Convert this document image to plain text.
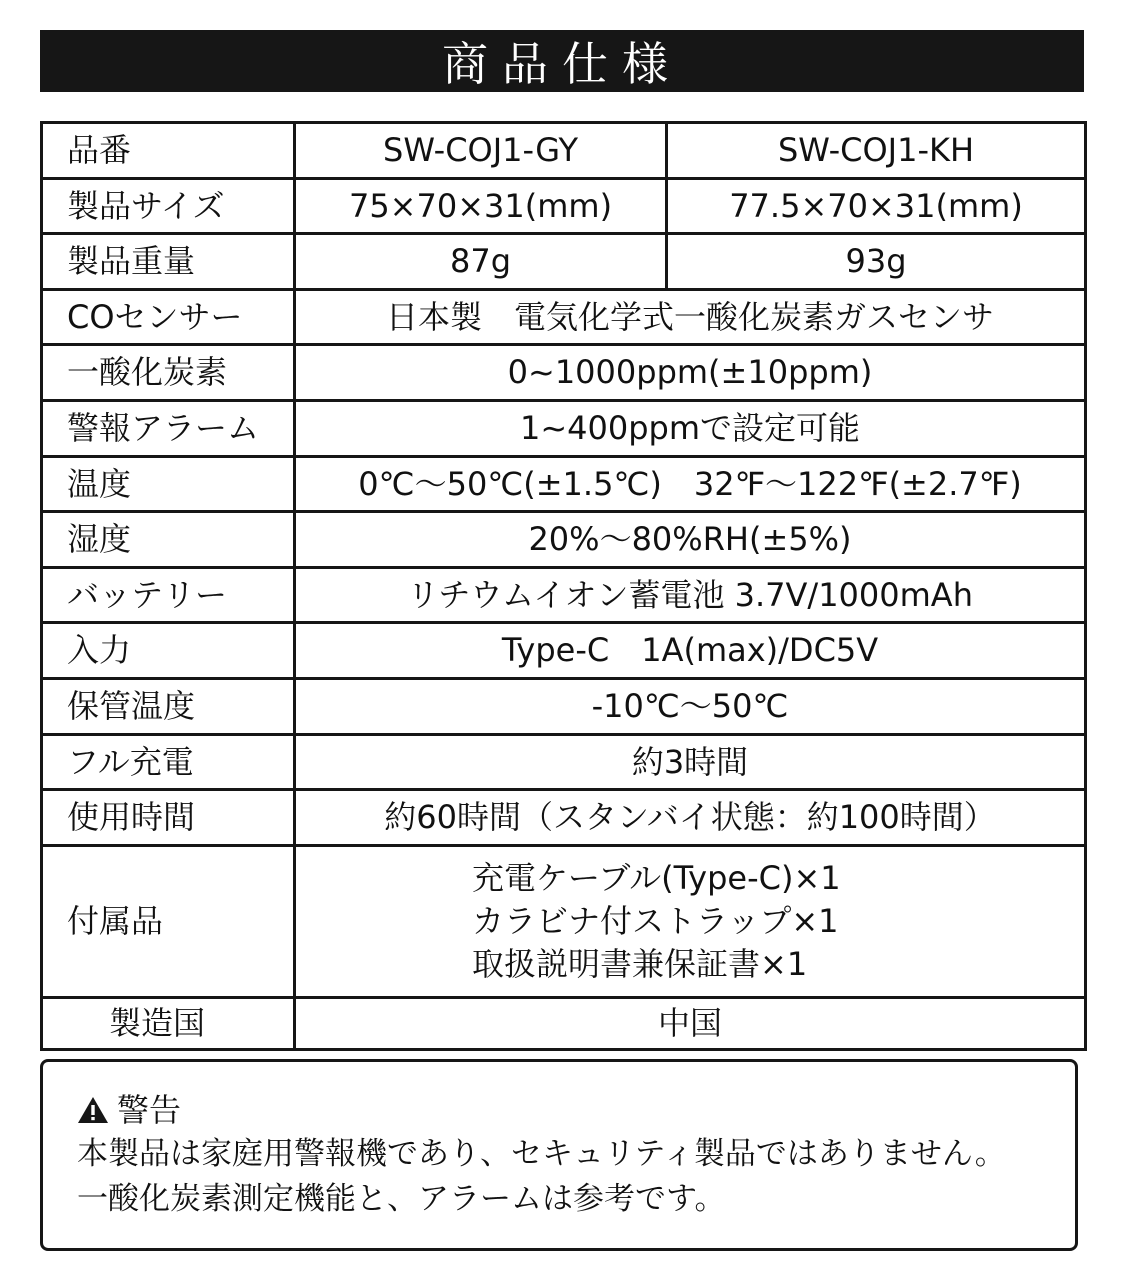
商品仕様
品番	SW-COJ1-GY	SW-COJ1-KH
製品サイズ	75×70×31(mm)	77.5×70×31(mm)
製品重量	87g	93g
COセンサー	日本製　電気化学式一酸化炭素ガスセンサ	
一酸化炭素	0~1000ppm(±10ppm)	
警報アラーム	1~400ppmで設定可能	
温度	0℃〜50℃(±1.5℃)　32℉〜122℉(±2.7℉)	
湿度	20%〜80%RH(±5%)	
バッテリー	リチウムイオン蓄電池 3.7V/1000mAh	
入力	Type-C　1A(max)/DC5V	
保管温度	-10℃〜50℃	
フル充電	約3時間	
使用時間	約60時間（スタンバイ状態：約100時間）	
付属品	充電ケーブル(Type-C)×1
カラビナ付ストラップ×1
取扱説明書兼保証書×1	

製造国	中国	
警告
本製品は家庭用警報機であり、セキュリティ製品ではありません。
一酸化炭素測定機能と、アラームは参考です。
